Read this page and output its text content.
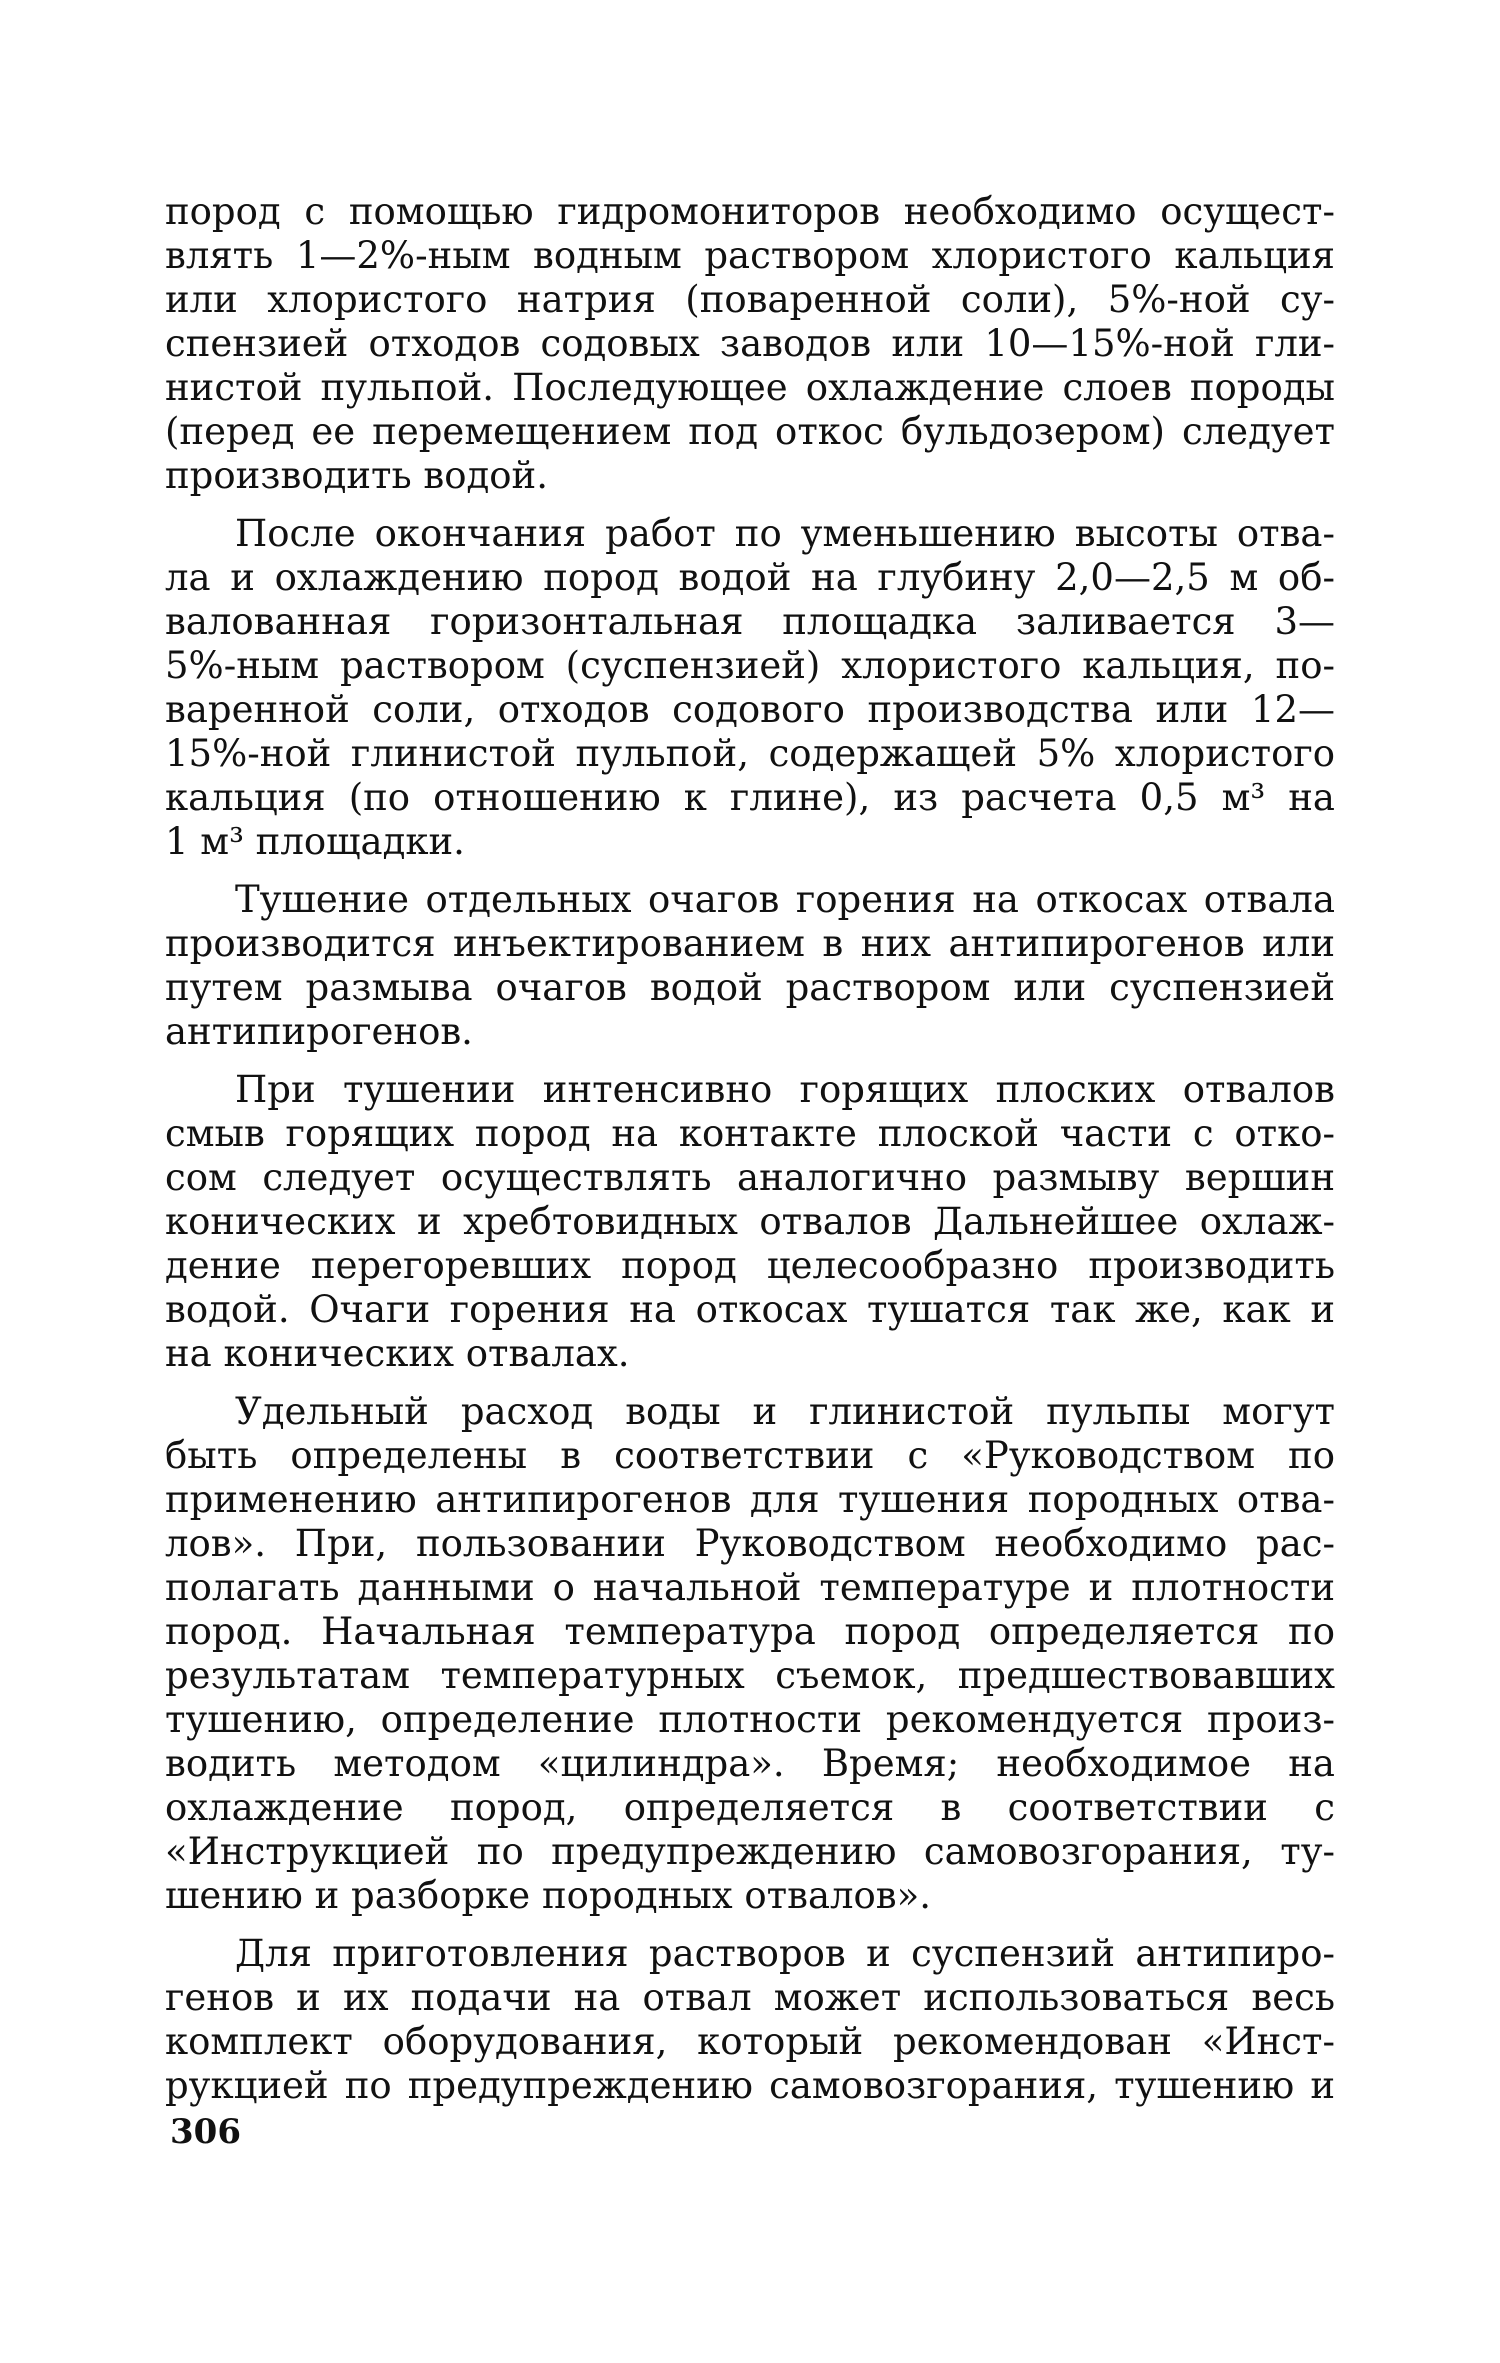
пород с помощью гидромониторов необходимо осущест-
влять 1—2%-ным водным раствором хлористого кальция
или хлористого натрия (поваренной соли), 5%-ной су-
спензией отходов содовых заводов или 10—15%-ной гли-
нистой пульпой. Последующее охлаждение слоев породы
(перед ее перемещением под откос бульдозером) следует
производить водой.

После окончания работ по уменьшению высоты отва-
ла и охлаждению пород водой на глубину 2,0—2,5 м об-
валованная горизонтальная площадка заливается 3—
5%-ным раствором (суспензией) хлористого кальция, по-
варенной соли, отходов содового производства или 12—
15%-ной глинистой пульпой, содержащей 5% хлористого
кальция (по отношению к глине), из расчета 0,5 м³ на
1 м³ площадки.

Тушение отдельных очагов горения на откосах отвала
производится инъектированием в них антипирогенов или
путем размыва очагов водой раствором или суспензией
антипирогенов.

При тушении интенсивно горящих плоских отвалов
смыв горящих пород на контакте плоской части с отко-
сом следует осуществлять аналогично размыву вершин
конических и хребтовидных отвалов Дальнейшее охлаж-
дение перегоревших пород целесообразно производить
водой. Очаги горения на откосах тушатся так же, как и
на конических отвалах.

Удельный расход воды и глинистой пульпы могут
быть определены в соответствии с «Руководством по
применению антипирогенов для тушения породных отва-
лов». При, пользовании Руководством необходимо рас-
полагать данными о начальной температуре и плотности
пород. Начальная температура пород определяется по
результатам температурных съемок, предшествовавших
тушению, определение плотности рекомендуется произ-
водить методом «цилиндра». Время; необходимое на
охлаждение пород, определяется в соответствии с
«Инструкцией по предупреждению самовозгорания, ту-
шению и разборке породных отвалов».

Для приготовления растворов и суспензий антипиро-
генов и их подачи на отвал может использоваться весь
комплект оборудования, который рекомендован «Инст-
рукцией по предупреждению самовозгорания, тушению и

306
